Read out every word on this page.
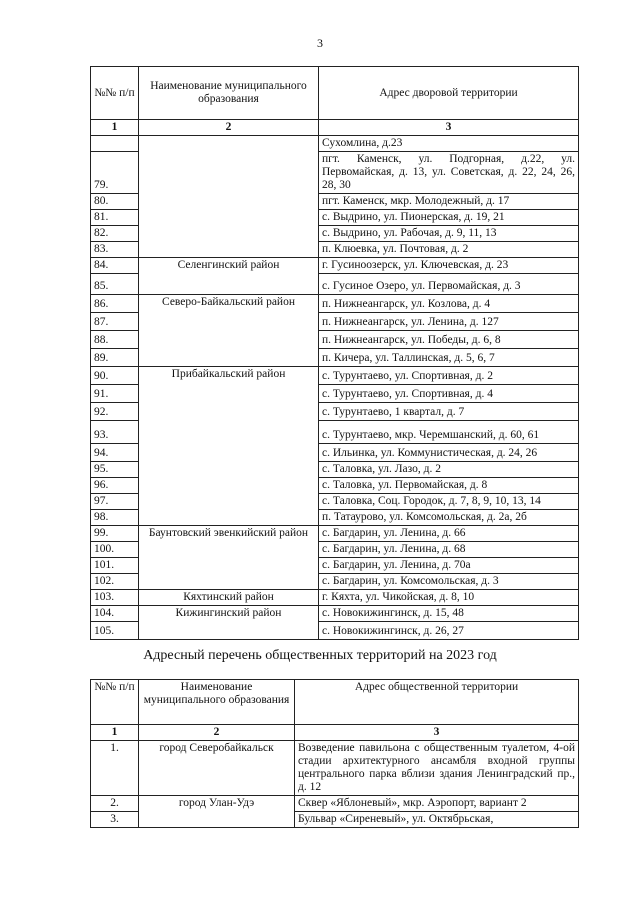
3
№№ п/п	Наименование муниципального образования	Адрес дворовой территории
1	2	3
		Сухомлина, д.23
79.		пгт. Каменск, ул. Подгорная, д.22, ул. Первомайская, д. 13, ул. Советская, д. 22, 24, 26, 28, 30
80.		пгт. Каменск, мкр. Молодежный, д. 17
81.		с. Выдрино, ул. Пионерская, д. 19, 21
82.		с. Выдрино, ул. Рабочая, д. 9, 11, 13
83.		п. Клюевка, ул. Почтовая, д. 2
84.	Селенгинский район	г. Гусиноозерск, ул. Ключевская, д. 23
85.		с. Гусиное Озеро, ул. Первомайская, д. 3
86.	Северо-Байкальский район	п. Нижнеангарск, ул. Козлова, д. 4
87.		п. Нижнеангарск, ул. Ленина, д. 127
88.		п. Нижнеангарск, ул. Победы, д. 6, 8
89.		п. Кичера, ул. Таллинская, д. 5, 6, 7
90.	Прибайкальский район	с. Турунтаево, ул. Спортивная, д. 2
91.		с. Турунтаево, ул. Спортивная, д. 4
92.		с. Турунтаево, 1 квартал, д. 7
93.		с. Турунтаево, мкр. Черемшанский, д. 60, 61
94.		с. Ильинка, ул. Коммунистическая, д. 24, 26
95.		с. Таловка, ул. Лазо, д. 2
96.		с. Таловка, ул. Первомайская, д. 8
97.		с. Таловка, Соц. Городок, д. 7, 8, 9, 10, 13, 14
98.		п. Татаурово, ул. Комсомольская, д. 2а, 2б
99.	Баунтовский эвенкийский район	с. Багдарин, ул. Ленина, д. 66
100.		с. Багдарин, ул. Ленина, д. 68
101.		с. Багдарин, ул. Ленина, д. 70а
102.		с. Багдарин, ул. Комсомольская, д. 3
103.	Кяхтинский район	г. Кяхта, ул. Чикойская, д. 8, 10
104.	Кижингинский район	с. Новокижингинск, д. 15, 48
105.		с. Новокижингинск, д. 26, 27
Адресный перечень общественных территорий на 2023 год
№№ п/п	Наименование муниципального образования	Адрес общественной территории
1	2	3
1.	город Северобайкальск	Возведение павильона с общественным туалетом, 4-ой стадии архитектурного ансамбля входной группы центрального парка вблизи здания Ленинградский пр., д. 12
2.	город Улан-Удэ	Сквер «Яблоневый», мкр. Аэропорт, вариант 2
3.		Бульвар «Сиреневый», ул. Октябрьская,
